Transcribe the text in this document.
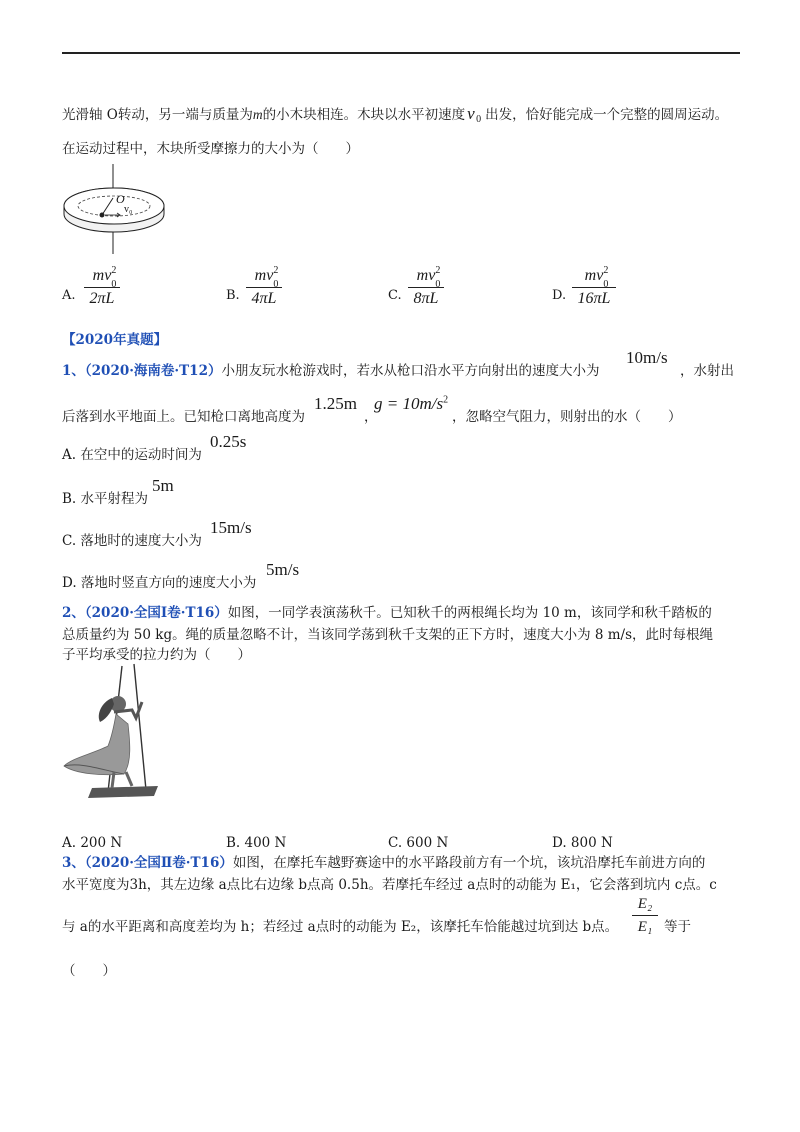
光滑轴 O转动，另一端与质量为m的小木块相连。木块以水平初速度 v 0 出发，恰好能完成一个完整的圆周运动。
在运动过程中，木块所受摩擦力的大小为（　　）
O
v₀
A.
mv 2
0
2πL	B.
mv 2
0
4πL	C.
mv 2
0
8πL	D.
mv 2
0
16πL
【2020年真题】
1、（2020·海南卷·T12）小朋友玩水枪游戏时，若水从枪口沿水平方向射出的速度大小为
10m/s
，水射出
后落到水平地面上。已知枪口离地高度为
1.25m
，
$g = 10m/s^2$
，忽略空气阻力，则射出的水（　　）
A. 在空中的运动时间为
0.25s
B. 水平射程为
5m
C. 落地时的速度大小为
15m/s
D. 落地时竖直方向的速度大小为
5m/s
2、（2020·全国Ⅰ卷·T16）如图，一同学表演荡秋千。已知秋千的两根绳长均为 10 m，该同学和秋千踏板的
总质量约为 50 kg。绳的质量忽略不计，当该同学荡到秋千支架的正下方时，速度大小为 8 m/s，此时每根绳
子平均承受的拉力约为（　　）
A. 200 N	B. 400 N	C. 600 N	D. 800 N
3、（2020·全国Ⅱ卷·T16）如图，在摩托车越野赛途中的水平路段前方有一个坑，该坑沿摩托车前进方向的
水平宽度为3h，其左边缘 a点比右边缘 b点高 0.5h。若摩托车经过 a点时的动能为 E₁，它会落到坑内 c点。c
与 a的水平距离和高度差均为 h；若经过 a点时的动能为 E₂，该摩托车恰能越过坑到达 b点。
E₂
E₁ 等于
（　　）
